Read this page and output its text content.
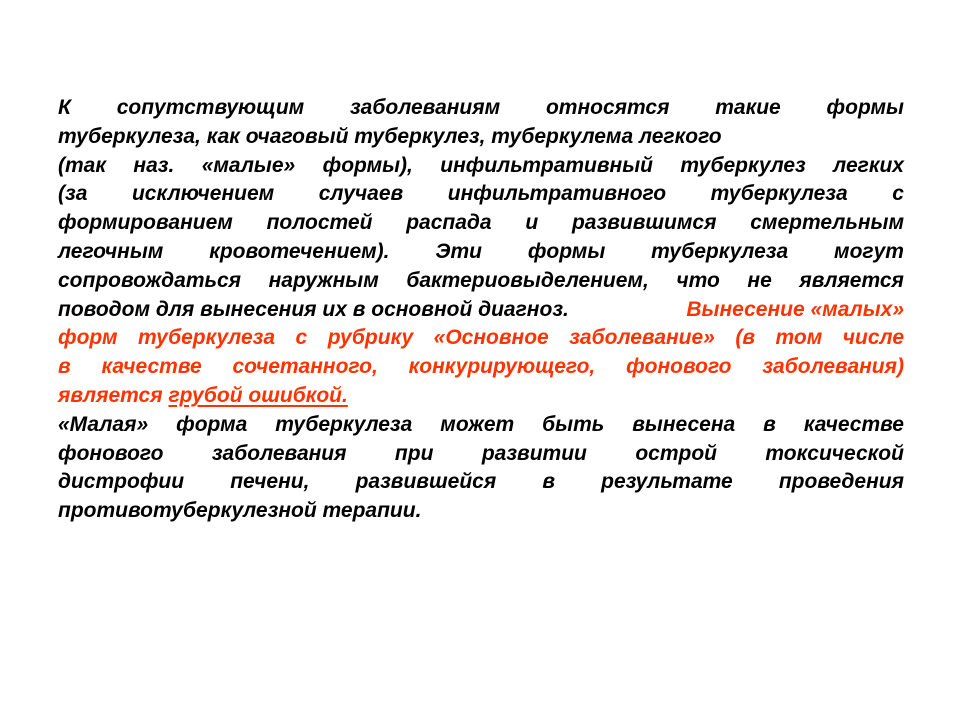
К сопутствующим заболеваниям относятся такие формы
туберкулеза, как очаговый туберкулез, туберкулема легкого
(так наз. «малые» формы), инфильтративный туберкулез легких
(за исключением случаев инфильтративного туберкулеза с
формированием полостей распада и развившимся смертельным
легочным кровотечением). Эти формы туберкулеза могут
сопровождаться наружным бактериовыделением, что не является
поводом для вынесения их в основной диагноз.	Вынесение «малых»
форм туберкулеза с рубрику «Основное заболевание» (в том числе
в качестве сочетанного, конкурирующего, фонового заболевания)
является грубой ошибкой.
«Малая» форма туберкулеза может быть вынесена в качестве
фонового заболевания при развитии острой токсической
дистрофии печени, развившейся в результате проведения
противотуберкулезной терапии.
